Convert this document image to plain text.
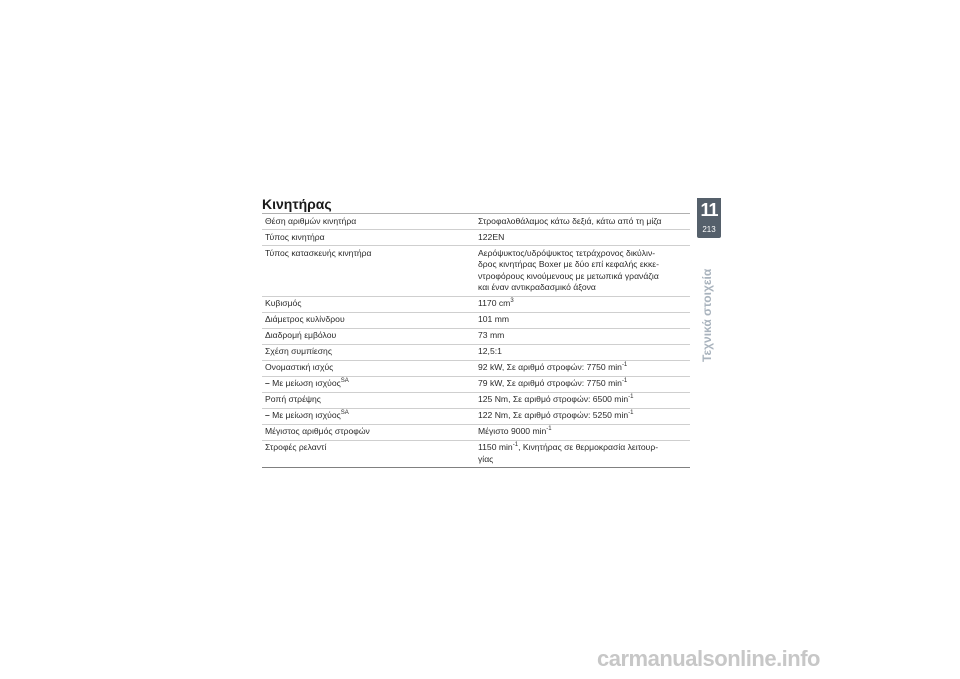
Κινητήρας
Θέση αριθμών κινητήρα	Στροφαλοθάλαμος κάτω δεξιά, κάτω από τη μίζα
Τύπος κινητήρα	122EN
Τύπος κατασκευής κινητήρα	Αερόψυκτος/υδρόψυκτος τετράχρονος δικύλιν-
δρος κινητήρας Boxer με δύο επί κεφαλής εκκε-
ντροφόρους κινούμενους με μετωπικά γρανάζια
και έναν αντικραδασμικό άξονα
Κυβισμός	1170 $cm^3$
Διάμετρος κυλίνδρου	101 mm
Διαδρομή εμβόλου	73 mm
Σχέση συμπίεσης	12,5:1
Ονομαστική ισχύς	92 kW, Σε αριθμό στροφών: 7750 $\min^{-1}$
– Με μείωση ισχύος$^{SA}$	79 kW, Σε αριθμό στροφών: 7750 $\min^{-1}$
Ροπή στρέψης	125 Nm, Σε αριθμό στροφών: 6500 $\min^{-1}$
– Με μείωση ισχύος$^{SA}$	122 Nm, Σε αριθμό στροφών: 5250 $\min^{-1}$
Μέγιστος αριθμός στροφών	Μέγιστο 9000 $\min^{-1}$
Στροφές ρελαντί	1150 $\min^{-1}$, Κινητήρας σε θερμοκρασία λειτουρ-
γίας
11
213
Τεχνικά στοιχεία
carmanualsonline.info
